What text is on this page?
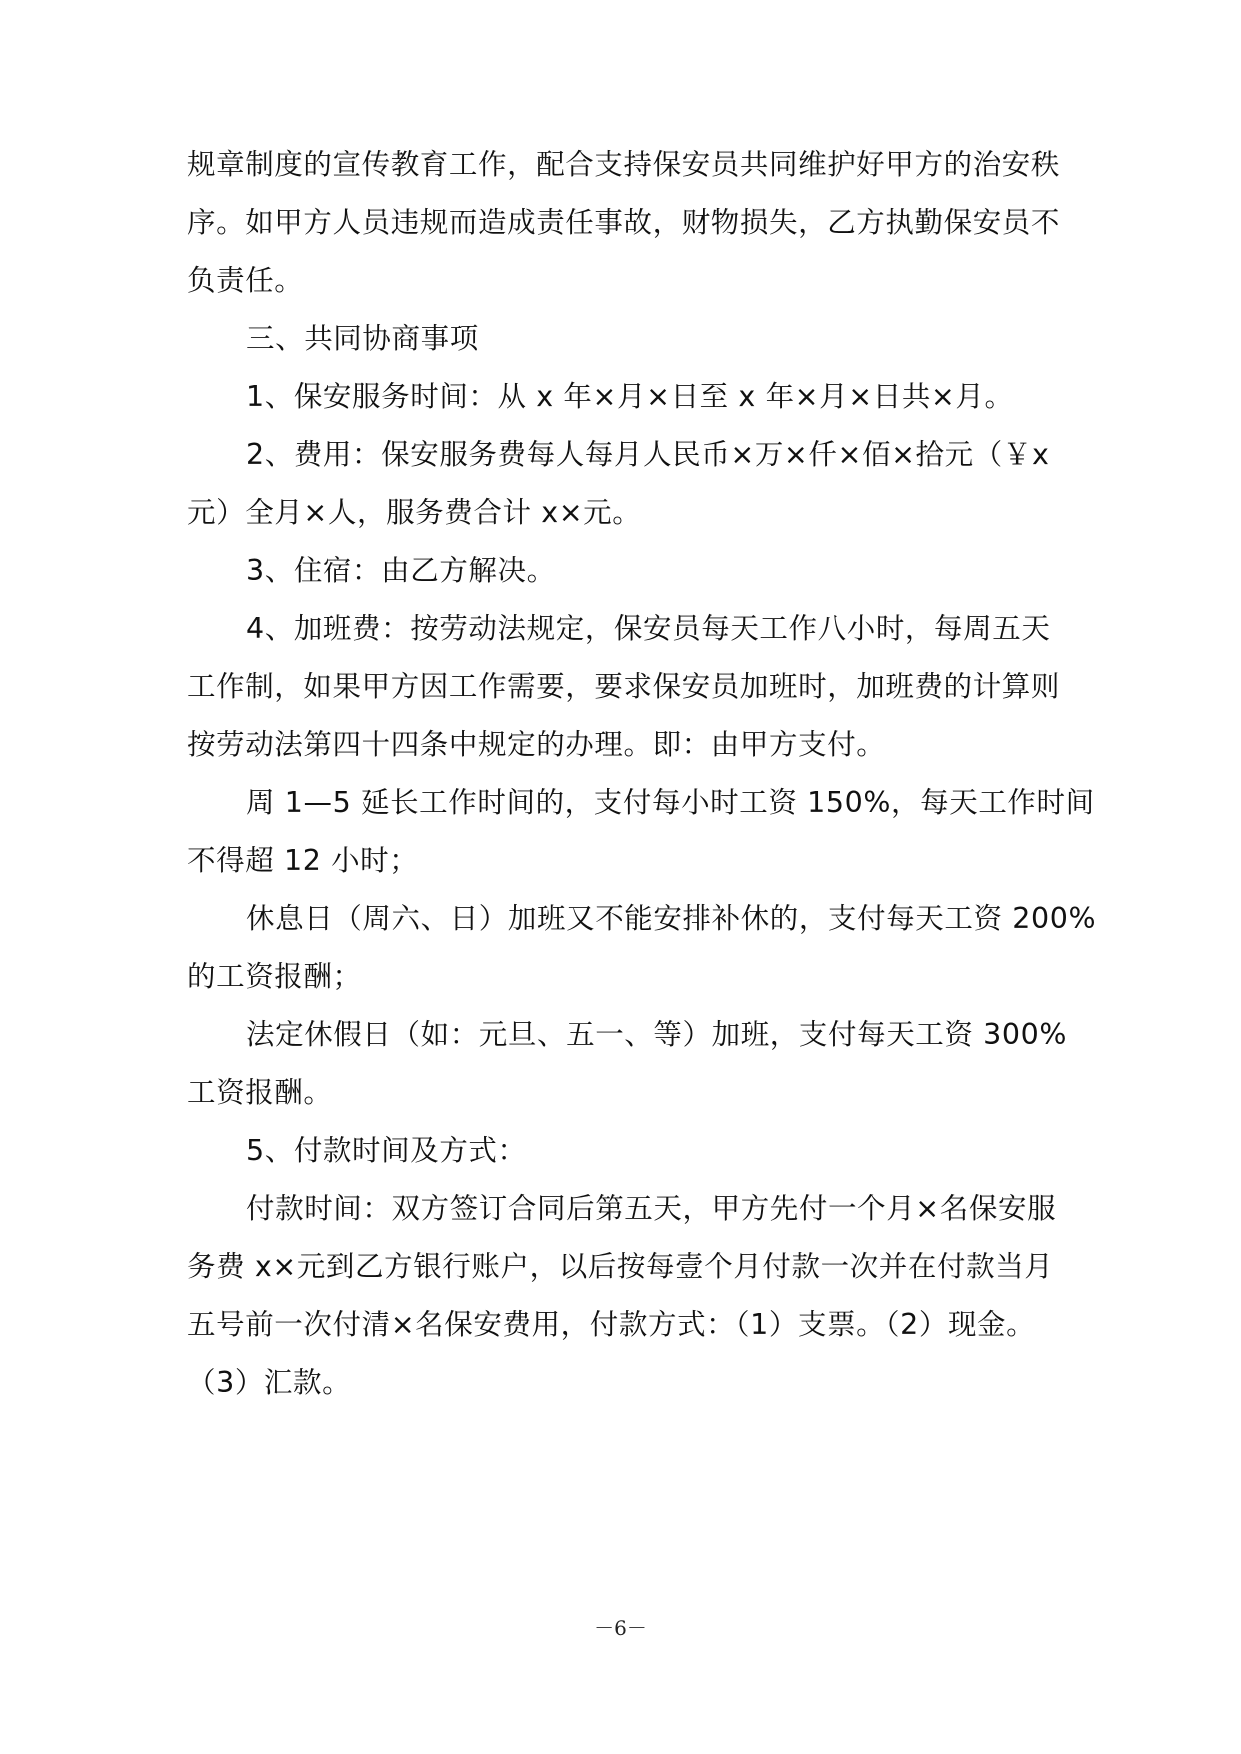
规章制度的宣传教育工作，配合支持保安员共同维护好甲方的治安秩
序。如甲方人员违规而造成责任事故，财物损失，乙方执勤保安员不
负责任。
三、共同协商事项
1、保安服务时间：从 x 年×月×日至 x 年×月×日共×月。
2、费用：保安服务费每人每月人民币×万×仟×佰×拾元（￥x
元）全月×人，服务费合计 x×元。
3、住宿：由乙方解决。
4、加班费：按劳动法规定，保安员每天工作八小时，每周五天
工作制，如果甲方因工作需要，要求保安员加班时，加班费的计算则
按劳动法第四十四条中规定的办理。即：由甲方支付。
周 1—5 延长工作时间的，支付每小时工资 150%，每天工作时间
不得超 12 小时；
休息日（周六、日）加班又不能安排补休的，支付每天工资 200%
的工资报酬；
法定休假日（如：元旦、五一、等）加班，支付每天工资 300%
工资报酬。
5、付款时间及方式：
付款时间：双方签订合同后第五天，甲方先付一个月×名保安服
务费 x×元到乙方银行账户，以后按每壹个月付款一次并在付款当月
五号前一次付清×名保安费用，付款方式：（1）支票。（2）现金。
（3）汇款。
－6－
